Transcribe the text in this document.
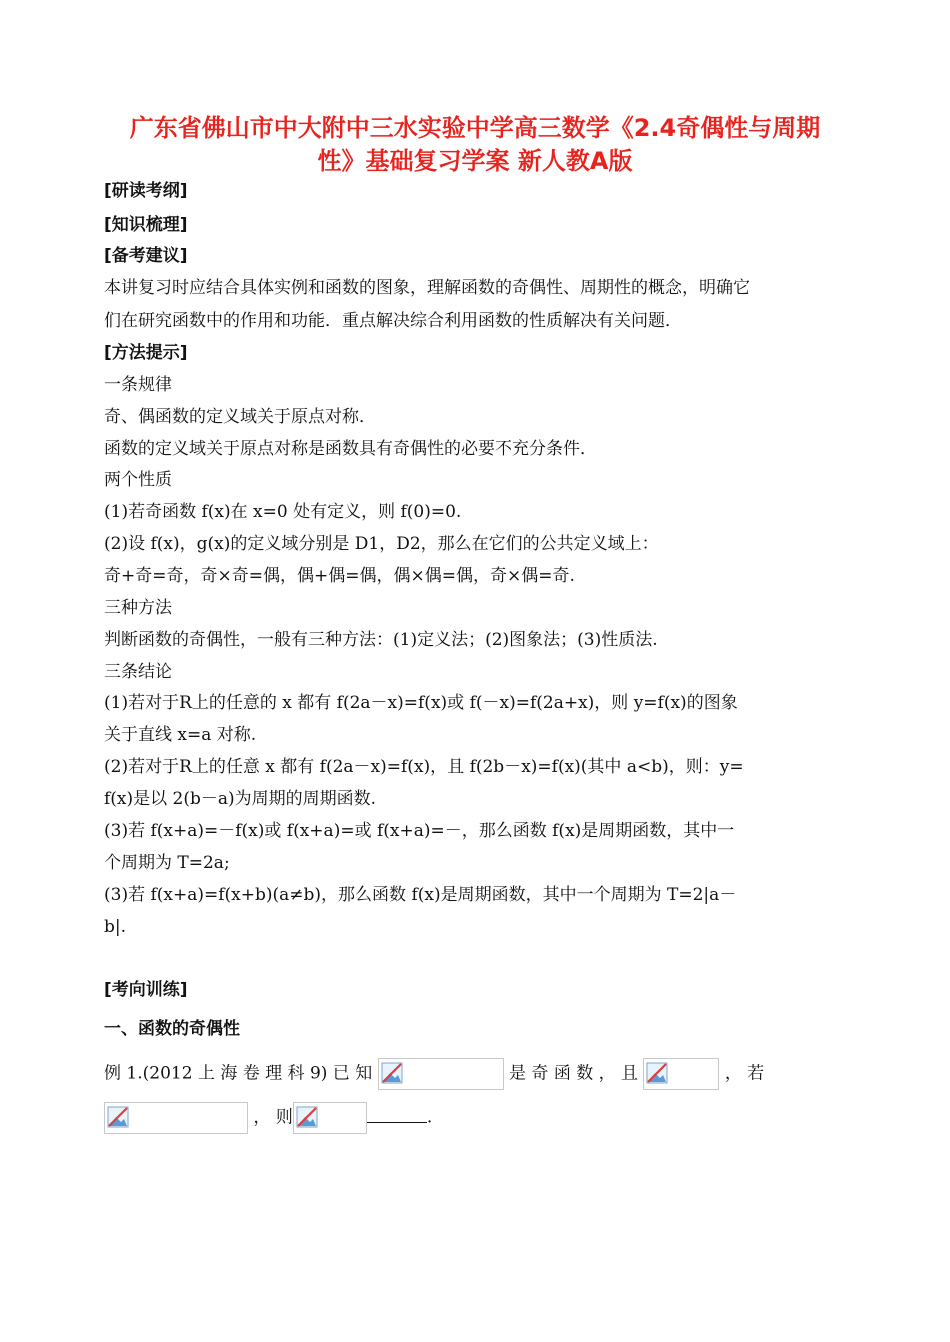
广东省佛山市中大附中三水实验中学高三数学《2.4奇偶性与周期
性》基础复习学案 新人教A版
[研读考纲]
[知识梳理]
[备考建议]
本讲复习时应结合具体实例和函数的图象，理解函数的奇偶性、周期性的概念，明确它
们在研究函数中的作用和功能．重点解决综合利用函数的性质解决有关问题．
[方法提示]
一条规律
奇、偶函数的定义域关于原点对称．
函数的定义域关于原点对称是函数具有奇偶性的必要不充分条件．
两个性质
(1)若奇函数 f(x)在 x=0 处有定义，则 f(0)=0.
(2)设 f(x)，g(x)的定义域分别是 D1，D2，那么在它们的公共定义域上：
奇+奇=奇，奇×奇=偶，偶+偶=偶，偶×偶=偶，奇×偶=奇.
三种方法
判断函数的奇偶性，一般有三种方法：(1)定义法；(2)图象法；(3)性质法.
三条结论
(1)若对于R上的任意的 x 都有 f(2a－x)=f(x)或 f(－x)=f(2a+x)，则 y=f(x)的图象
关于直线 x=a 对称.
(2)若对于R上的任意 x 都有 f(2a－x)=f(x)，且 f(2b－x)=f(x)(其中 a<b)，则：y=
f(x)是以 2(b－a)为周期的周期函数.
(3)若 f(x+a)=－f(x)或 f(x+a)=或 f(x+a)=－，那么函数 f(x)是周期函数，其中一
个周期为 T=2a;
(3)若 f(x+a)=f(x+b)(a≠b)，那么函数 f(x)是周期函数，其中一个周期为 T=2|a－
b|.
[考向训练]
一、函数的奇偶性
例 1.(2012 上 海 卷 理 科 9) 已 知	是 奇 函 数 ， 且	， 若
， 则	.
